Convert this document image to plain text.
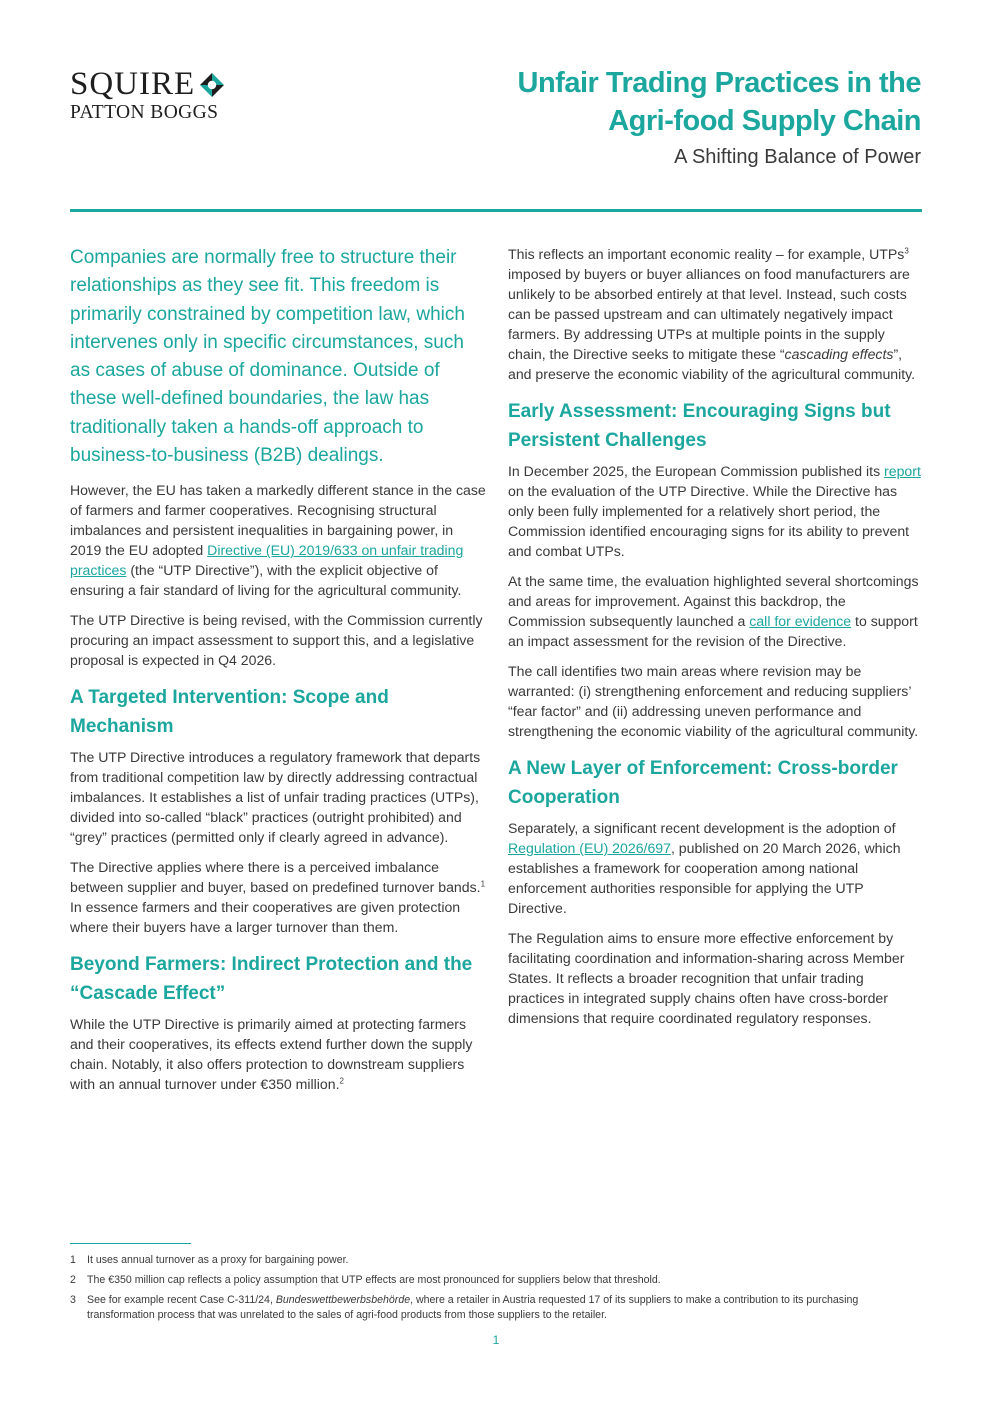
SQUIRE
PATTON BOGGS
Unfair Trading Practices in the
Agri-food Supply Chain
A Shifting Balance of Power

Companies are normally free to structure their relationships as they see fit. This freedom is primarily constrained by competition law, which intervenes only in specific circumstances, such as cases of abuse of dominance. Outside of these well-defined boundaries, the law has traditionally taken a hands-off approach to business-to-business (B2B) dealings.

However, the EU has taken a markedly different stance in the case of farmers and farmer cooperatives. Recognising structural imbalances and persistent inequalities in bargaining power, in 2019 the EU adopted Directive (EU) 2019/633 on unfair trading practices (the “UTP Directive”), with the explicit objective of ensuring a fair standard of living for the agricultural community.

The UTP Directive is being revised, with the Commission currently procuring an impact assessment to support this, and a legislative proposal is expected in Q4 2026.

A Targeted Intervention: Scope and Mechanism

The UTP Directive introduces a regulatory framework that departs from traditional competition law by directly addressing contractual imbalances. It establishes a list of unfair trading practices (UTPs), divided into so-called “black” practices (outright prohibited) and “grey” practices (permitted only if clearly agreed in advance).

The Directive applies where there is a perceived imbalance between supplier and buyer, based on predefined turnover bands.$^1$ In essence farmers and their cooperatives are given protection where their buyers have a larger turnover than them.

Beyond Farmers: Indirect Protection and the “Cascade Effect”

While the UTP Directive is primarily aimed at protecting farmers and their cooperatives, its effects extend further down the supply chain. Notably, it also offers protection to downstream suppliers with an annual turnover under €350 million.$^2$

This reflects an important economic reality – for example, UTPs$^3$ imposed by buyers or buyer alliances on food manufacturers are unlikely to be absorbed entirely at that level. Instead, such costs can be passed upstream and can ultimately negatively impact farmers. By addressing UTPs at multiple points in the supply chain, the Directive seeks to mitigate these “cascading effects”, and preserve the economic viability of the agricultural community.

Early Assessment: Encouraging Signs but Persistent Challenges

In December 2025, the European Commission published its report on the evaluation of the UTP Directive. While the Directive has only been fully implemented for a relatively short period, the Commission identified encouraging signs for its ability to prevent and combat UTPs.

At the same time, the evaluation highlighted several shortcomings and areas for improvement. Against this backdrop, the Commission subsequently launched a call for evidence to support an impact assessment for the revision of the Directive.

The call identifies two main areas where revision may be warranted: (i) strengthening enforcement and reducing suppliers’ “fear factor” and (ii) addressing uneven performance and strengthening the economic viability of the agricultural community.

A New Layer of Enforcement: Cross-border Cooperation

Separately, a significant recent development is the adoption of Regulation (EU) 2026/697, published on 20 March 2026, which establishes a framework for cooperation among national enforcement authorities responsible for applying the UTP Directive.

The Regulation aims to ensure more effective enforcement by facilitating coordination and information-sharing across Member States. It reflects a broader recognition that unfair trading practices in integrated supply chains often have cross-border dimensions that require coordinated regulatory responses.

1	It uses annual turnover as a proxy for bargaining power.
2	The €350 million cap reflects a policy assumption that UTP effects are most pronounced for suppliers below that threshold.
3	See for example recent Case C-311/24, Bundeswettbewerbsbehörde, where a retailer in Austria requested 17 of its suppliers to make a contribution to its purchasing transformation process that was unrelated to the sales of agri-food products from those suppliers to the retailer.
1
